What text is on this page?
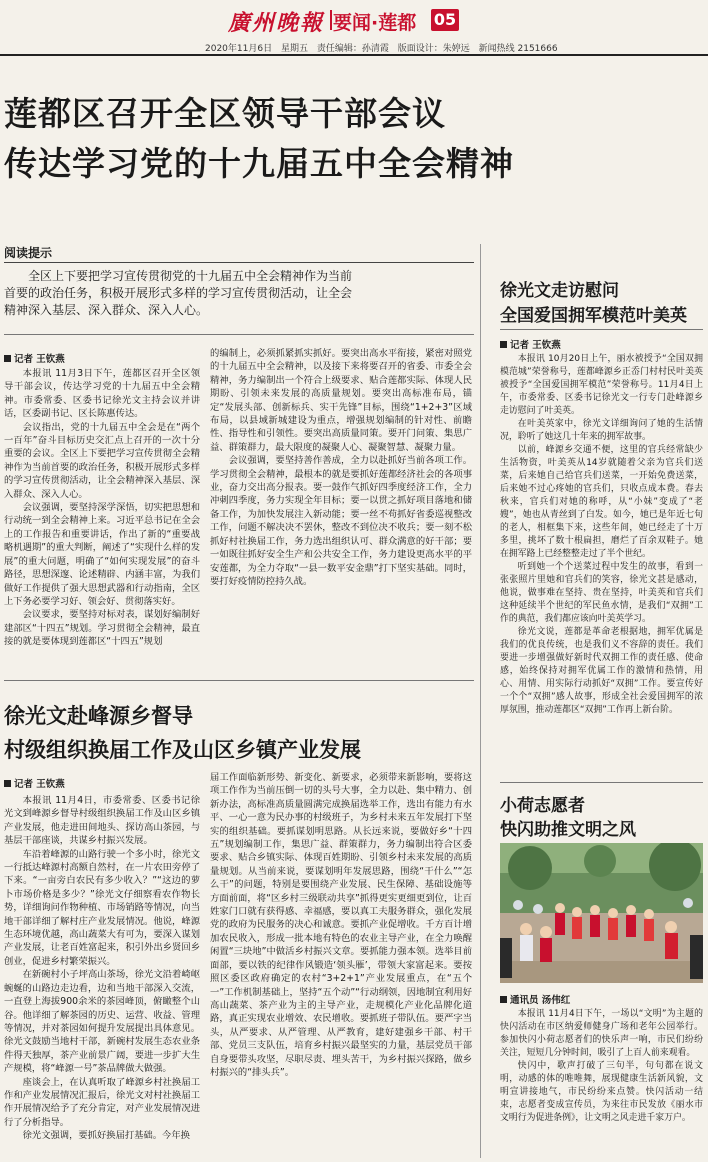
廣州晚報 要闻·莲都 05
2020年11月6日 星期五 责任编辑：孙清霞 版面设计：朱婷远 新闻热线 2151666
莲都区召开全区领导干部会议
传达学习党的十九届五中全会精神
阅读提示
全区上下要把学习宣传贯彻党的十九届五中全会精神作为当前首要的政治任务，积极开展形式多样的学习宣传贯彻活动，让全会精神深入基层、深入群众、深入人心。
记者 王钦燕

本报讯 11月3日下午，莲都区召开全区领导干部会议，传达学习党的十九届五中全会精神。市委常委、区委书记徐光文主持会议并讲话，区委副书记、区长陈惠传达。

会议指出，党的十九届五中全会是在“两个一百年”奋斗目标历史交汇点上召开的一次十分重要的会议。全区上下要把学习宣传贯彻全会精神作为当前首要的政治任务，积极开展形式多样的学习宣传贯彻活动，让全会精神深入基层、深入群众、深入人心。

会议强调，要坚持深学深悟，切实把思想和行动统一到全会精神上来。习近平总书记在全会上的工作报告和重要讲话，作出了新的“重要战略机遇期”的重大判断，阐述了“实现什么样的发展”的重大问题，明确了“如何实现发展”的奋斗路径，思想深邃、论述精辟、内涵丰富，为我们做好工作提供了强大思想武器和行动指南，全区上下务必要学习好、领会好、贯彻落实好。

会议要求，要坚持对标对表，谋划好编制好建部区“十四五”规划。学习贯彻全会精神，最直接的就是要体现到莲都区“十四五”规划

的编制上，必须抓紧抓实抓好。要突出高水平衔接，紧密对照党的十九届五中全会精神，以及接下来将要召开的省委、市委全会精神，务力编制出一个符合上级要求、贴合莲都实际、体现人民期盼、引领未来发展的高质量规划。要突出高标准布局，锚定“发展头部、创新标兵、实干先锋”目标，围绕“1+2+3”区域布局，以县域新城建设为重点，增强规划编制的针对性、前瞻性、指导性和引领性。要突出高质量同策。要开门问策、集思广益、群策群力，最大限度的凝聚人心、凝聚智慧、凝聚力量。

会议强调，要坚持善作善成，全力以赴抓好当前各项工作。学习贯彻全会精神，最根本的就是要抓好莲都经济社会的各项事业，奋力交出高分报表。要一鼓作气抓好四季度经济工作，全力冲刺四季度，务力实现全年目标；要一以贯之抓好项目落地和储备工作，为加快发展注入新动能；要一丝不苟抓好省委巡视整改工作，问题不解决决不罢休，整改不到位决不收兵；要一刻不松抓好村社换届工作，务力选出组织认可、群众满意的好干部；要一如既往抓好安全生产和公共安全工作，务力建设更高水平的平安莲都，为全力夺取“一县一数平安金鼎”打下坚实基础。同时，要打好疫情防控持久战。

徐光文赴峰源乡督导
村级组织换届工作及山区乡镇产业发展
记者 王钦燕

本报讯 11月4日，市委常委、区委书记徐光文到峰源乡督导村级组织换届工作及山区乡镇产业发展，他走进田间地头、探访高山茶园，与基层干部座谈，共谋乡村振兴发展。

车沿着峰源的山路行驶一个多小时，徐光文一行抵达峰源村高额自然村，在一片农田旁停了下来。“一亩旁白农民有多少收入？”“这边的萝卜市场价格是多少？”徐光文仔细察看农作物长势，详细询问作物种植、市场销路等情况，向当地干部详细了解村庄产业发展情况。他说，峰源生态环境优越，高山蔬菜大有可为，要深入谋划产业发展，让老百姓富起来，积引外出乡贤回乡创业，促进乡村繁荣振兴。

在新碗村小子坪高山茶场，徐光文沿着崎岖蜿蜒的山路边走边看，边和当地干部深入交流，一直登上海拔900余米的茶园峰顶，俯瞰整个山谷。他详细了解茶园的历史、运营、收益、管理等情况，并对茶园如何提升发展提出具体意见。徐光文鼓励当地村干部，新碗村发展生态农业条件得天独厚，茶产业前景广阔，要进一步扩大生产规模，将“峰源一号”茶品牌做大做强。

座谈会上，在认真听取了峰源乡村社换届工作和产业发展情况汇报后，徐光文对村社换届工作开展情况给予了充分肯定，对产业发展情况进行了分析指导。

徐光文强调，要抓好换届打基础。今年换

届工作面临新形势、新变化、新要求，必须带来新影响，要将这项工作作为当前压倒一切的头号大事，全力以赴、集中精力、创新办法，高标准高质量圆满完成换届选举工作，选出有能力有水平、一心一意为民办事的村级班子，为乡村未来五年发展打下坚实的组织基础。要抓谋划明思路。从长远来说，要做好乡“十四五”规划编制工作，集思广益、群策群力，务力编制出符合区委要求、贴合乡镇实际、体现百姓期盼、引领乡村未来发展的高质量规划。从当前来说，要谋划明年发展思路，围绕“干什么”“怎么干”的问题，特别是要围绕产业发展、民生保障、基础设施等方面前面，将“区乡村三级联动共享”抓得更实更细更到位，让百姓家门口就有获得感、幸福感，要以真工夫服务群众，强化发展党的政府为民服务的决心和诚意。要抓产业促增收。千方百计增加农民收入，形成一批本地有特色的农业主导产业，在全力唤醒闲置“三块地”中做活乡村振兴文章。要抓能力强本领。选举目前面部，要以铁的纪律作风锻造‘领头雁’，带领大家富起来。要按照区委区政府确定的农村“3+2+1”产业发展重点，在“五个一”工作机制基础上，坚持“五个动”“行动纲领，因地制宜利用好高山蔬菜、茶产业为主的主导产业，走规模化产业化品牌化道路，真正实现农业增效、农民增收。要抓班子带队伍。要严字当头，从严要求、从严管理、从严教育，建好建强乡干部、村干部、党员三支队伍，培育乡村振兴最坚实的力量，基层党员干部自身要带头攻坚，尽职尽责、埋头苦干，为乡村振兴探路，做乡村振兴的“排头兵”。

徐光文走访慰问
全国爱国拥军模范叶美英
记者 王钦燕

本报讯 10月20日上午，丽水被授予“全国双拥模范城”荣誉称号，莲都峰源乡正岙门村村民叶美英被授予“全国爱国拥军模范”荣誉称号。11月4日上午，市委常委、区委书记徐光文一行专门赴峰源乡走访慰问了叶美英。

在叶美英家中，徐光文详细询问了她的生活情况，聆听了她这几十年来的拥军故事。

以前，峰源乡交通不便，这里的官兵经常缺少生活物资，叶美英从14岁就随着父亲为官兵们送菜，后来她自己给官兵们送菜，一开始免费送菜，后来她不过心疼她的官兵们，只收点成本费。春去秋来，官兵们对她的称呼，从“小妹”变成了“老嫂”，她也从青丝到了白发。如今，她已是年近七旬的老人，相框集下来，这些年间，她已经走了十万多里，挑坏了数十根扁担，磨烂了百余双鞋子。她在拥军路上已经整整走过了半个世纪。

听到她一个个送菜过程中发生的故事，看到一张张照片里她和官兵们的笑容，徐光文甚是感动，他说，做事难在坚持、贵在坚持，叶美英和官兵们这种延续半个世纪的军民鱼水情，是我们“双拥”工作的典范，我们都应该向叶美英学习。

徐光文说，莲都是革命老根据地，拥军优属是我们的优良传统，也是我们义不容辞的责任。我们要进一步增强做好新时代双拥工作的责任感、使命感，始终保持对拥军优属工作的激情和热情，用心、用情、用实际行动抓好“双拥”工作。要宣传好一个个“双拥”感人故事，形成全社会爱国拥军的浓厚氛围，推动莲都区“双拥”工作再上新台阶。

小荷志愿者
快闪助推文明之风
通讯员 汤伟红

本报讯 11月4日下午，一场以“文明”为主题的快闪活动在市区纳爱师健身广场和老年公园举行。参加快闪小荷志愿者们的快乐声一响，市民们纷纷关注，短短几分钟时间，吸引了上百人前来观看。

快闪中，歌声打破了三句半，句句都在说文明，动感的体的唯唯舞，展现健康生活新风貌，文明宣讲接地气，市民纷纷来点赞。快闪活动一结束，志愿者变成宣传员，为来往市民发放《丽水市文明行为促进条例》，让文明之风走进千家万户。
